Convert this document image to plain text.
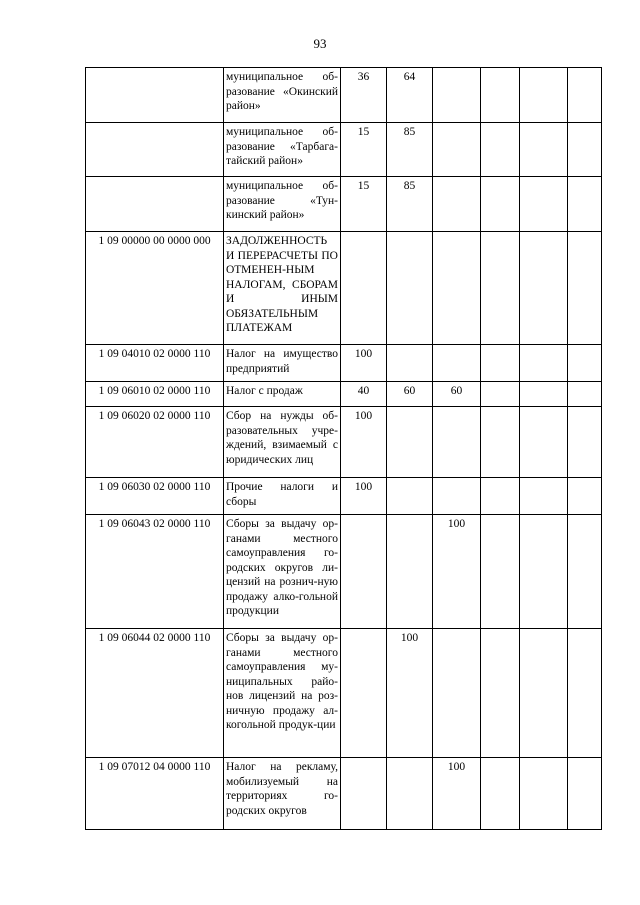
93
	муниципальное об-разование «Окинский район»	36	64				
	муниципальное об-разование «Тарбага-тайский район»	15	85				
	муниципальное об-разование «Тун-кинский район»	15	85				
1 09 00000 00 0000 000	ЗАДОЛЖЕННОСТЬ И ПЕРЕРАСЧЕТЫ ПО ОТМЕНЕН-НЫМ НАЛОГАМ, СБОРАМ И ИНЫМ ОБЯЗАТЕЛЬНЫМ ПЛАТЕЖАМ						
1 09 04010 02 0000 110	Налог на имущество предприятий	100					
1 09 06010 02 0000 110	Налог с продаж	40	60	60			
1 09 06020 02 0000 110	Сбор на нужды об-разовательных учре-ждений, взимаемый с юридических лиц	100					
1 09 06030 02 0000 110	Прочие налоги и сборы	100					
1 09 06043 02 0000 110	Сборы за выдачу ор-ганами местного самоуправления го-родских округов ли-цензий на рознич-ную продажу алко-гольной продукции			100			
1 09 06044 02 0000 110	Сборы за выдачу ор-ганами местного самоуправления му-ниципальных райо-нов лицензий на роз-ничную продажу ал-когольной продук-ции		100				
1 09 07012 04 0000 110	Налог на рекламу, мобилизуемый на территориях го-родских округов			100			
